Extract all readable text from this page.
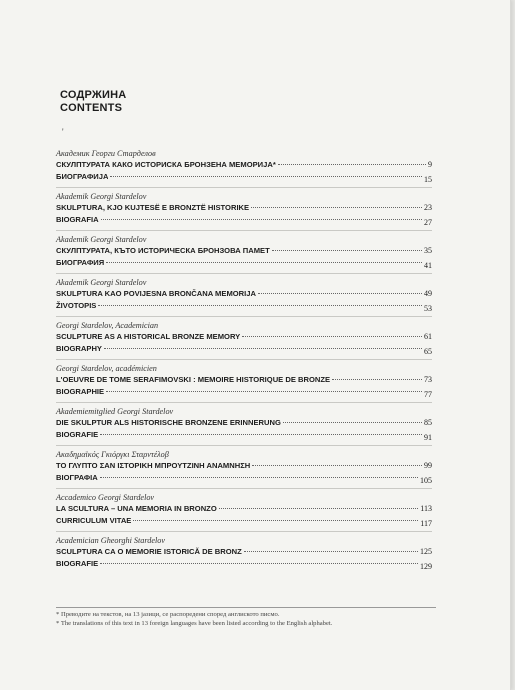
СОДРЖИНА
CONTENTS
'
Академик Георги Старделов
СКУЛПТУРАТА КАКО ИСТОРИСКА БРОНЗЕНА МЕМОРИЈА*	9
БИОГРАФИЈА	15
Akademik Georgi Stardelov
SKULPTURA, KJO KUJTESË E BRONZTË HISTORIKE	23
BIOGRAFIA	27
Akademik Georgi Stardelov
СКУЛПТУРАТА, КЪТО ИСТОРИЧЕСКА БРОНЗОВА ПАМЕТ	35
БИОГРАФИЯ	41
Akademik Georgi Stardelov
SKULPTURA KAO POVIJESNA BRONČANA MEMORIJA	49
ŽIVOTOPIS	53
Georgi Stardelov, Academician
SCULPTURE AS A HISTORICAL BRONZE MEMORY	61
BIOGRAPHY	65
Georgi Stardelov, académicien
L'OEUVRE DE TOME SERAFIMOVSKI : MEMOIRE HISTORIQUE DE BRONZE	73
BIOGRAPHIE	77
Akademiemitglied Georgi Stardelov
DIE SKULPTUR ALS HISTORISCHE BRONZENE ERINNERUNG	85
BIOGRAFIE	91
Ακαδημαϊκός Γκιόργκι Σταρντέλοβ
ΤΟ ΓΛΥΠΤΟ ΣΑΝ ΙΣΤΟΡΙΚΗ ΜΠΡΟΥΤΖΙΝΗ ΑΝΑΜΝΗΣΗ	99
ΒΙΟΓΡΑΦΙΑ	105
Accademico Georgi Stardelov
LA SCULTURA – UNA MEMORIA IN BRONZO	113
CURRICULUM VITAE	117
Academician Gheorghi Stardelov
SCULPTURA CA O MEMORIE ISTORICĂ DE BRONZ	125
BIOGRAFIE	129
* Преводите на текстов, на 13 јазици, се распоредени според англиското писмо.
* The translations of this text in 13 foreign languages have been listed according to the English alphabet.
